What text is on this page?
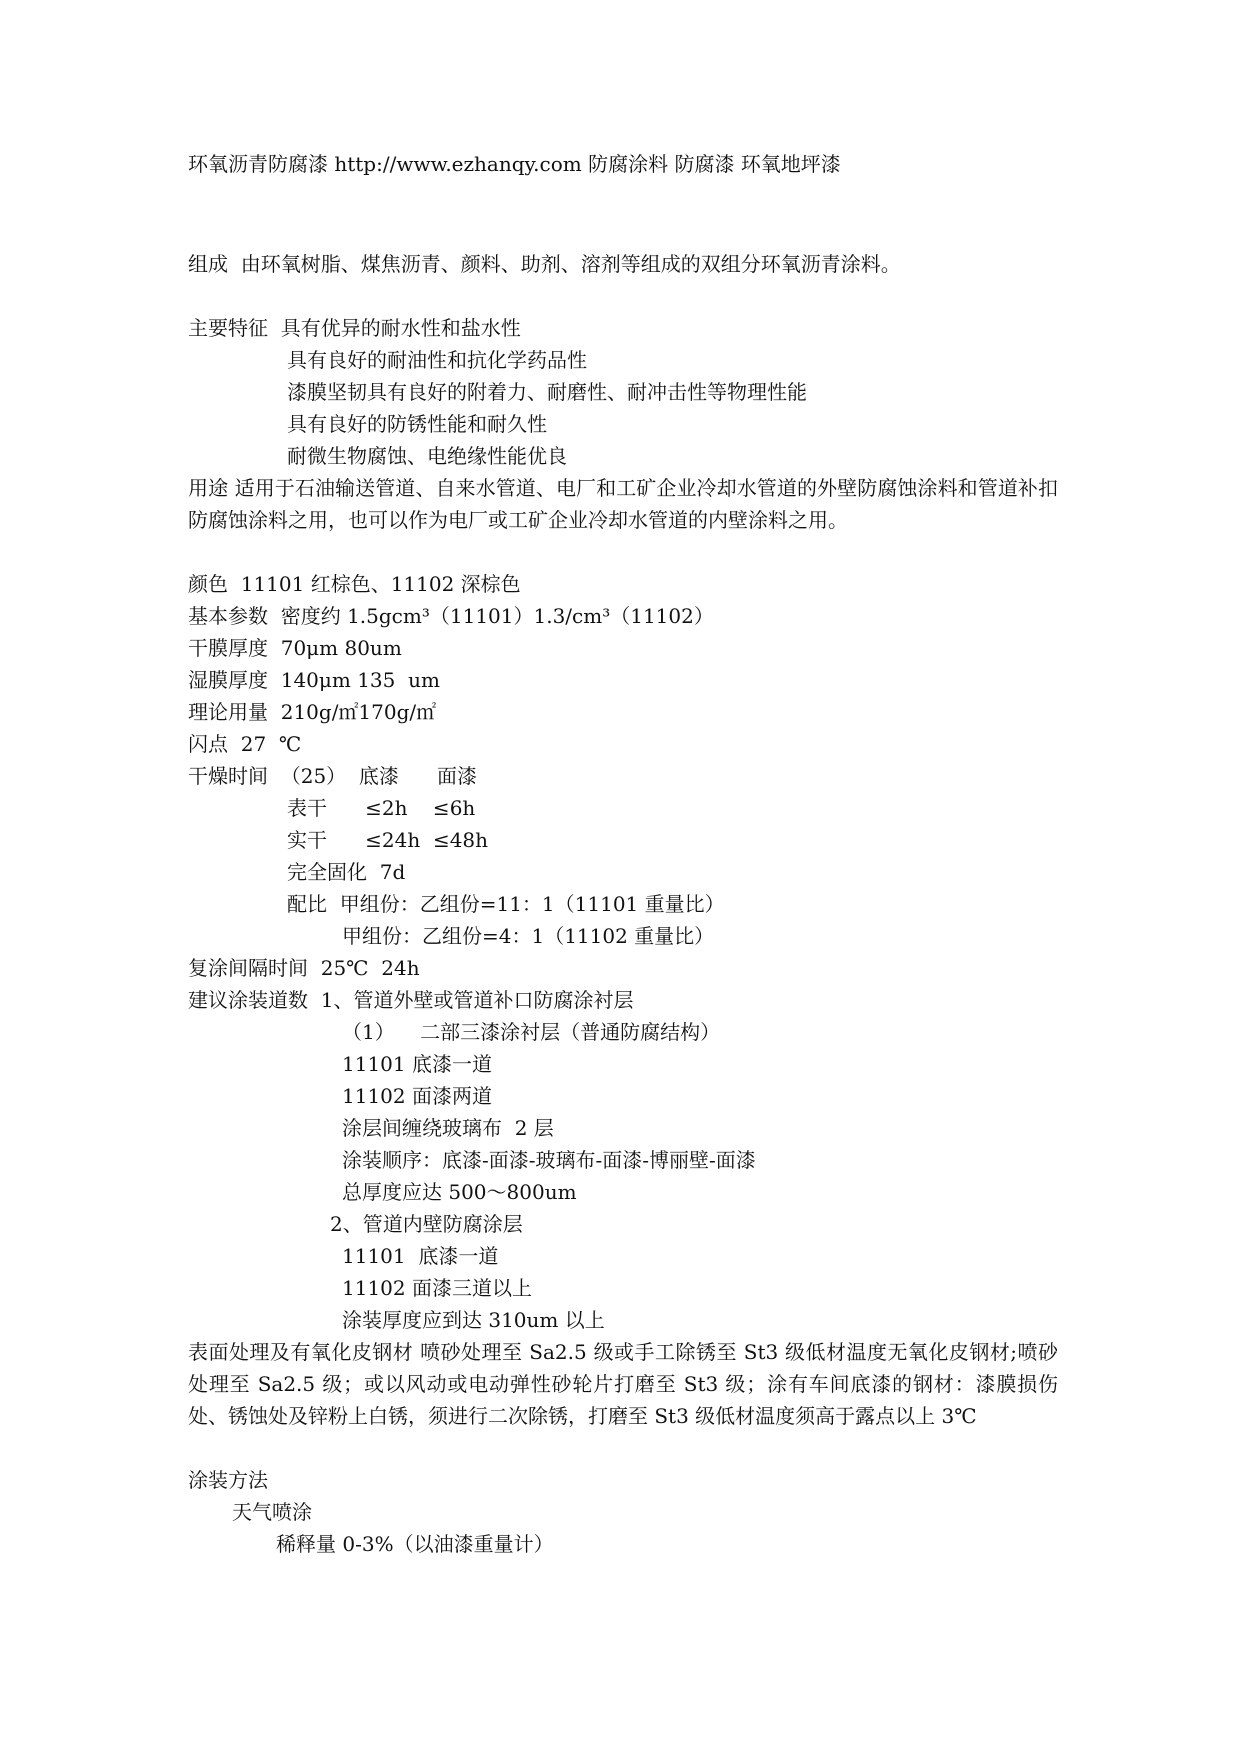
环氧沥青防腐漆 http://www.ezhanqy.com 防腐涂料 防腐漆 环氧地坪漆
组成  由环氧树脂、煤焦沥青、颜料、助剂、溶剂等组成的双组分环氧沥青涂料。
主要特征  具有优异的耐水性和盐水性
具有良好的耐油性和抗化学药品性
漆膜坚韧具有良好的附着力、耐磨性、耐冲击性等物理性能
具有良好的防锈性能和耐久性
耐微生物腐蚀、电绝缘性能优良
用途 适用于石油输送管道、自来水管道、电厂和工矿企业冷却水管道的外壁防腐蚀涂料和管道补扣防腐蚀涂料之用，也可以作为电厂或工矿企业冷却水管道的内壁涂料之用。
颜色  11101 红棕色、11102 深棕色
基本参数  密度约 1.5gcm³（11101）1.3/cm³（11102）
干膜厚度  70μm 80um
湿膜厚度  140μm 135  um
理论用量  210g/㎡170g/㎡
闪点  27  ℃
干燥时间  （25）  底漆      面漆
表干      ≤2h    ≤6h
实干      ≤24h  ≤48h
完全固化  7d
配比  甲组份：乙组份=11：1（11101 重量比）
甲组份：乙组份=4：1（11102 重量比）
复涂间隔时间  25℃  24h
建议涂装道数  1、管道外壁或管道补口防腐涂衬层
（1）    二部三漆涂衬层（普通防腐结构）
11101 底漆一道
11102 面漆两道
涂层间缠绕玻璃布  2 层
涂装顺序：底漆-面漆-玻璃布-面漆-博丽壁-面漆
总厚度应达 500～800um
2、管道内壁防腐涂层
11101  底漆一道
11102 面漆三道以上
涂装厚度应到达 310um 以上
表面处理及有氧化皮钢材 喷砂处理至 Sa2.5 级或手工除锈至 St3 级低材温度无氧化皮钢材;喷砂处理至 Sa2.5 级；或以风动或电动弹性砂轮片打磨至 St3 级；涂有车间底漆的钢材：漆膜损伤处、锈蚀处及锌粉上白锈，须进行二次除锈，打磨至 St3 级低材温度须高于露点以上 3℃
涂装方法
天气喷涂
稀释量 0-3%（以油漆重量计）
